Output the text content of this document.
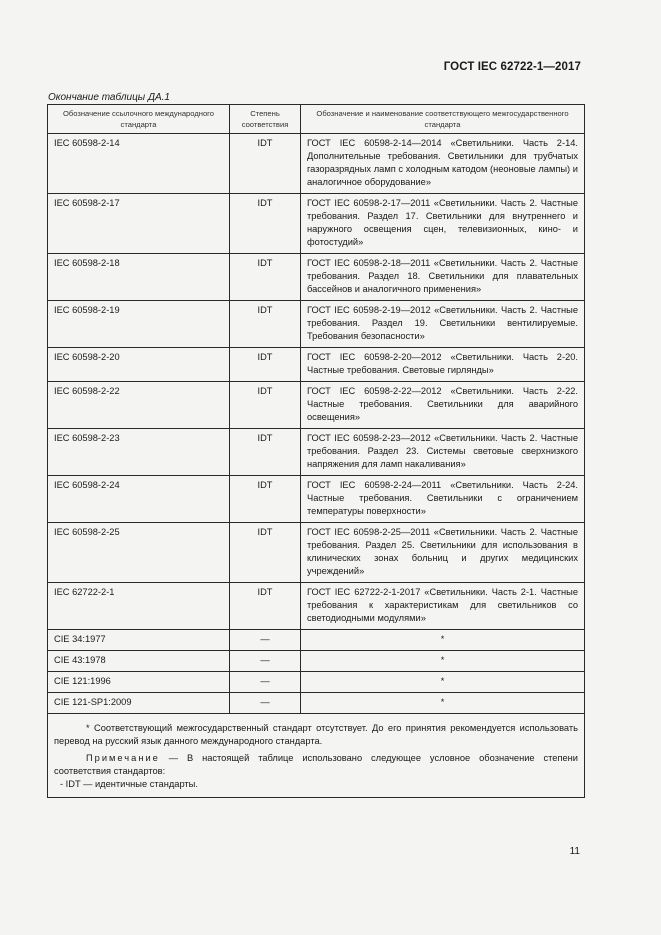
ГОСТ IEC 62722-1—2017
Окончание таблицы ДА.1
Обозначение ссылочного международного стандарта	Степень соответствия	Обозначение и наименование соответствующего межгосударственного стандарта
IEC 60598-2-14	IDT	ГОСТ IEC 60598-2-14—2014 «Светильники. Часть 2-14. Дополнительные требования. Светильники для трубчатых газоразрядных ламп с холодным катодом (неоновые лампы) и аналогичное оборудование»
IEC 60598-2-17	IDT	ГОСТ IEC 60598-2-17—2011 «Светильники. Часть 2. Частные требования. Раздел 17. Светильники для внутреннего и наружного освещения сцен, телевизионных, кино- и фотостудий»
IEC 60598-2-18	IDT	ГОСТ IEC 60598-2-18—2011 «Светильники. Часть 2. Частные требования. Раздел 18. Светильники для плавательных бассейнов и аналогичного применения»
IEC 60598-2-19	IDT	ГОСТ IEC 60598-2-19—2012 «Светильники. Часть 2. Частные требования. Раздел 19. Светильники вентилируемые. Требования безопасности»
IEC 60598-2-20	IDT	ГОСТ IEC 60598-2-20—2012 «Светильники. Часть 2-20. Частные требования. Световые гирлянды»
IEC 60598-2-22	IDT	ГОСТ IEC 60598-2-22—2012 «Светильники. Часть 2-22. Частные требования. Светильники для аварийного освещения»
IEC 60598-2-23	IDT	ГОСТ IEC 60598-2-23—2012 «Светильники. Часть 2. Частные требования. Раздел 23. Системы световые сверхнизкого напряжения для ламп накаливания»
IEC 60598-2-24	IDT	ГОСТ IEC 60598-2-24—2011 «Светильники. Часть 2-24. Частные требования. Светильники с ограничением температуры поверхности»
IEC 60598-2-25	IDT	ГОСТ IEC 60598-2-25—2011 «Светильники. Часть 2. Частные требования. Раздел 25. Светильники для использования в клинических зонах больниц и других медицинских учреждений»
IEC 62722-2-1	IDT	ГОСТ IEC 62722-2-1-2017 «Светильники. Часть 2-1. Частные требования к характеристикам для светильников со светодиодными модулями»
CIE 34:1977	—	*
CIE 43:1978	—	*
CIE 121:1996	—	*
CIE 121-SP1:2009	—	*

* Соответствующий межгосударственный стандарт отсутствует. До его принятия рекомендуется использовать перевод на русский язык данного международного стандарта.

Примечание — В настоящей таблице использовано следующее условное обозначение степени соответствия стандартов:

- IDT — идентичные стандарты.		

11
